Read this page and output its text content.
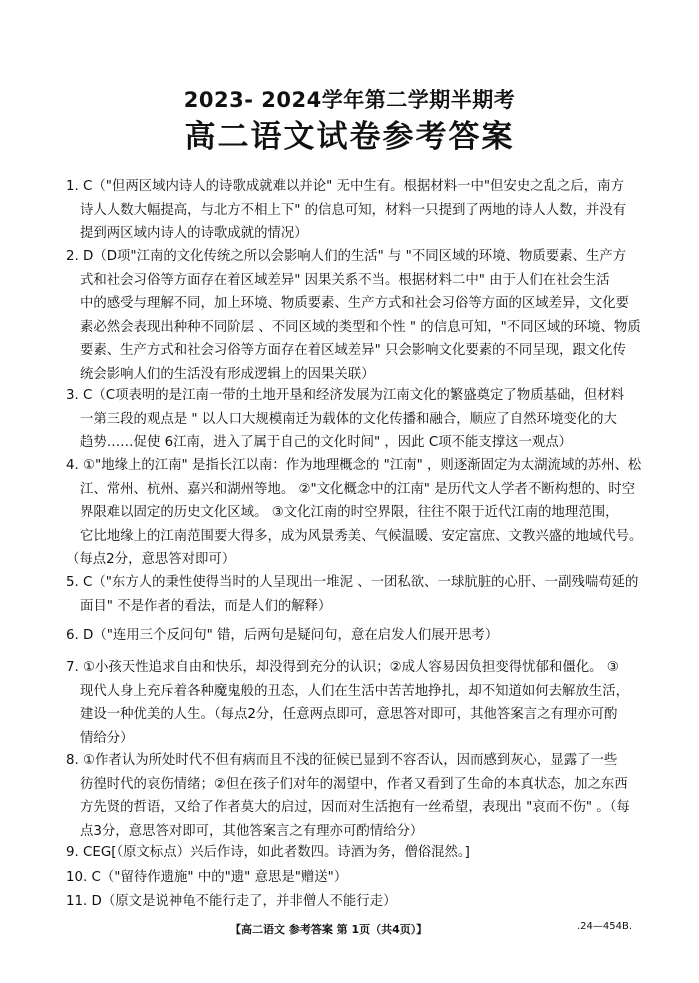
2023‐ 2024学年第二学期半期考
高二语文试卷参考答案
1. C（"但两区域内诗人的诗歌成就难以并论" 无中生有。根据材料一中"但安史之乱之后，南方
诗人人数大幅提高，与北方不相上下" 的信息可知，材料一只提到了两地的诗人人数，并没有
提到两区域内诗人的诗歌成就的情况）
2. D（D项"江南的文化传统之所以会影响人们的生活" 与 "不同区域的环境、物质要素、生产方
式和社会习俗等方面存在着区域差异" 因果关系不当。根据材料二中" 由于人们在社会生活
中的感受与理解不同，加上环境、物质要素、生产方式和社会习俗等方面的区域差异，文化要
素必然会表现出种种不同阶层 、不同区域的类型和个性 " 的信息可知，"不同区域的环境、物质
要素、生产方式和社会习俗等方面存在着区域差异" 只会影响文化要素的不同呈现，跟文化传
统会影响人们的生活没有形成逻辑上的因果关联）
3. C（C项表明的是江南一带的土地开垦和经济发展为江南文化的繁盛奠定了物质基础，但材料
一第三段的观点是 " 以人口大规模南迁为载体的文化传播和融合，顺应了自然环境变化的大
趋势……促使 6江南，进入了属于自己的文化时间" ，因此 C项不能支撑这一观点）
4. ①"地缘上的江南" 是指长江以南：作为地理概念的 "江南" ，则逐渐固定为太湖流域的苏州、松
江、常州、杭州、嘉兴和湖州等地。 ②"文化概念中的江南" 是历代文人学者不断构想的、时空
界限难以固定的历史文化区域。 ③文化江南的时空界限，往往不限于近代江南的地理范围，
它比地缘上的江南范围要大得多，成为风景秀美、气候温暖、安定富庶、文教兴盛的地域代号。
（每点2分，意思答对即可）
5. C（"东方人的秉性使得当时的人呈现出一堆泥 、一团私欲、一球肮脏的心肝、一副残喘苟延的
面目" 不是作者的看法，而是人们的解释）
6. D（"连用三个反问句" 错，后两句是疑问句，意在启发人们展开思考）
7. ①小孩天性追求自由和快乐，却没得到充分的认识；②成人容易因负担变得忧郁和僵化。 ③
现代人身上充斥着各种魔鬼般的丑态，人们在生活中苦苦地挣扎，却不知道如何去解放生活，
建设一种优美的人生。（每点2分，任意两点即可，意思答对即可，其他答案言之有理亦可酌
情给分）
8. ①作者认为所处时代不但有病而且不浅的征候已显到不容否认，因而感到灰心，显露了一些
彷徨时代的哀伤情绪；②但在孩子们对年的渴望中，作者又看到了生命的本真状态，加之东西
方先贤的哲语，又给了作者莫大的启过，因而对生活抱有一丝希望，表现出 "哀而不伤" 。（每
点3分，意思答对即可，其他答案言之有理亦可酌情给分）
9. CEG[（原文标点）兴后作诗，如此者数四。诗酒为务，僧俗混然。]
10. C（"留待作遗施" 中的"遗" 意思是"赠送"）
11. D（原文是说神龟不能行走了，并非僧人不能行走）
【高二语文 参考答案 第 1页（共4页）】	.24—454B.
